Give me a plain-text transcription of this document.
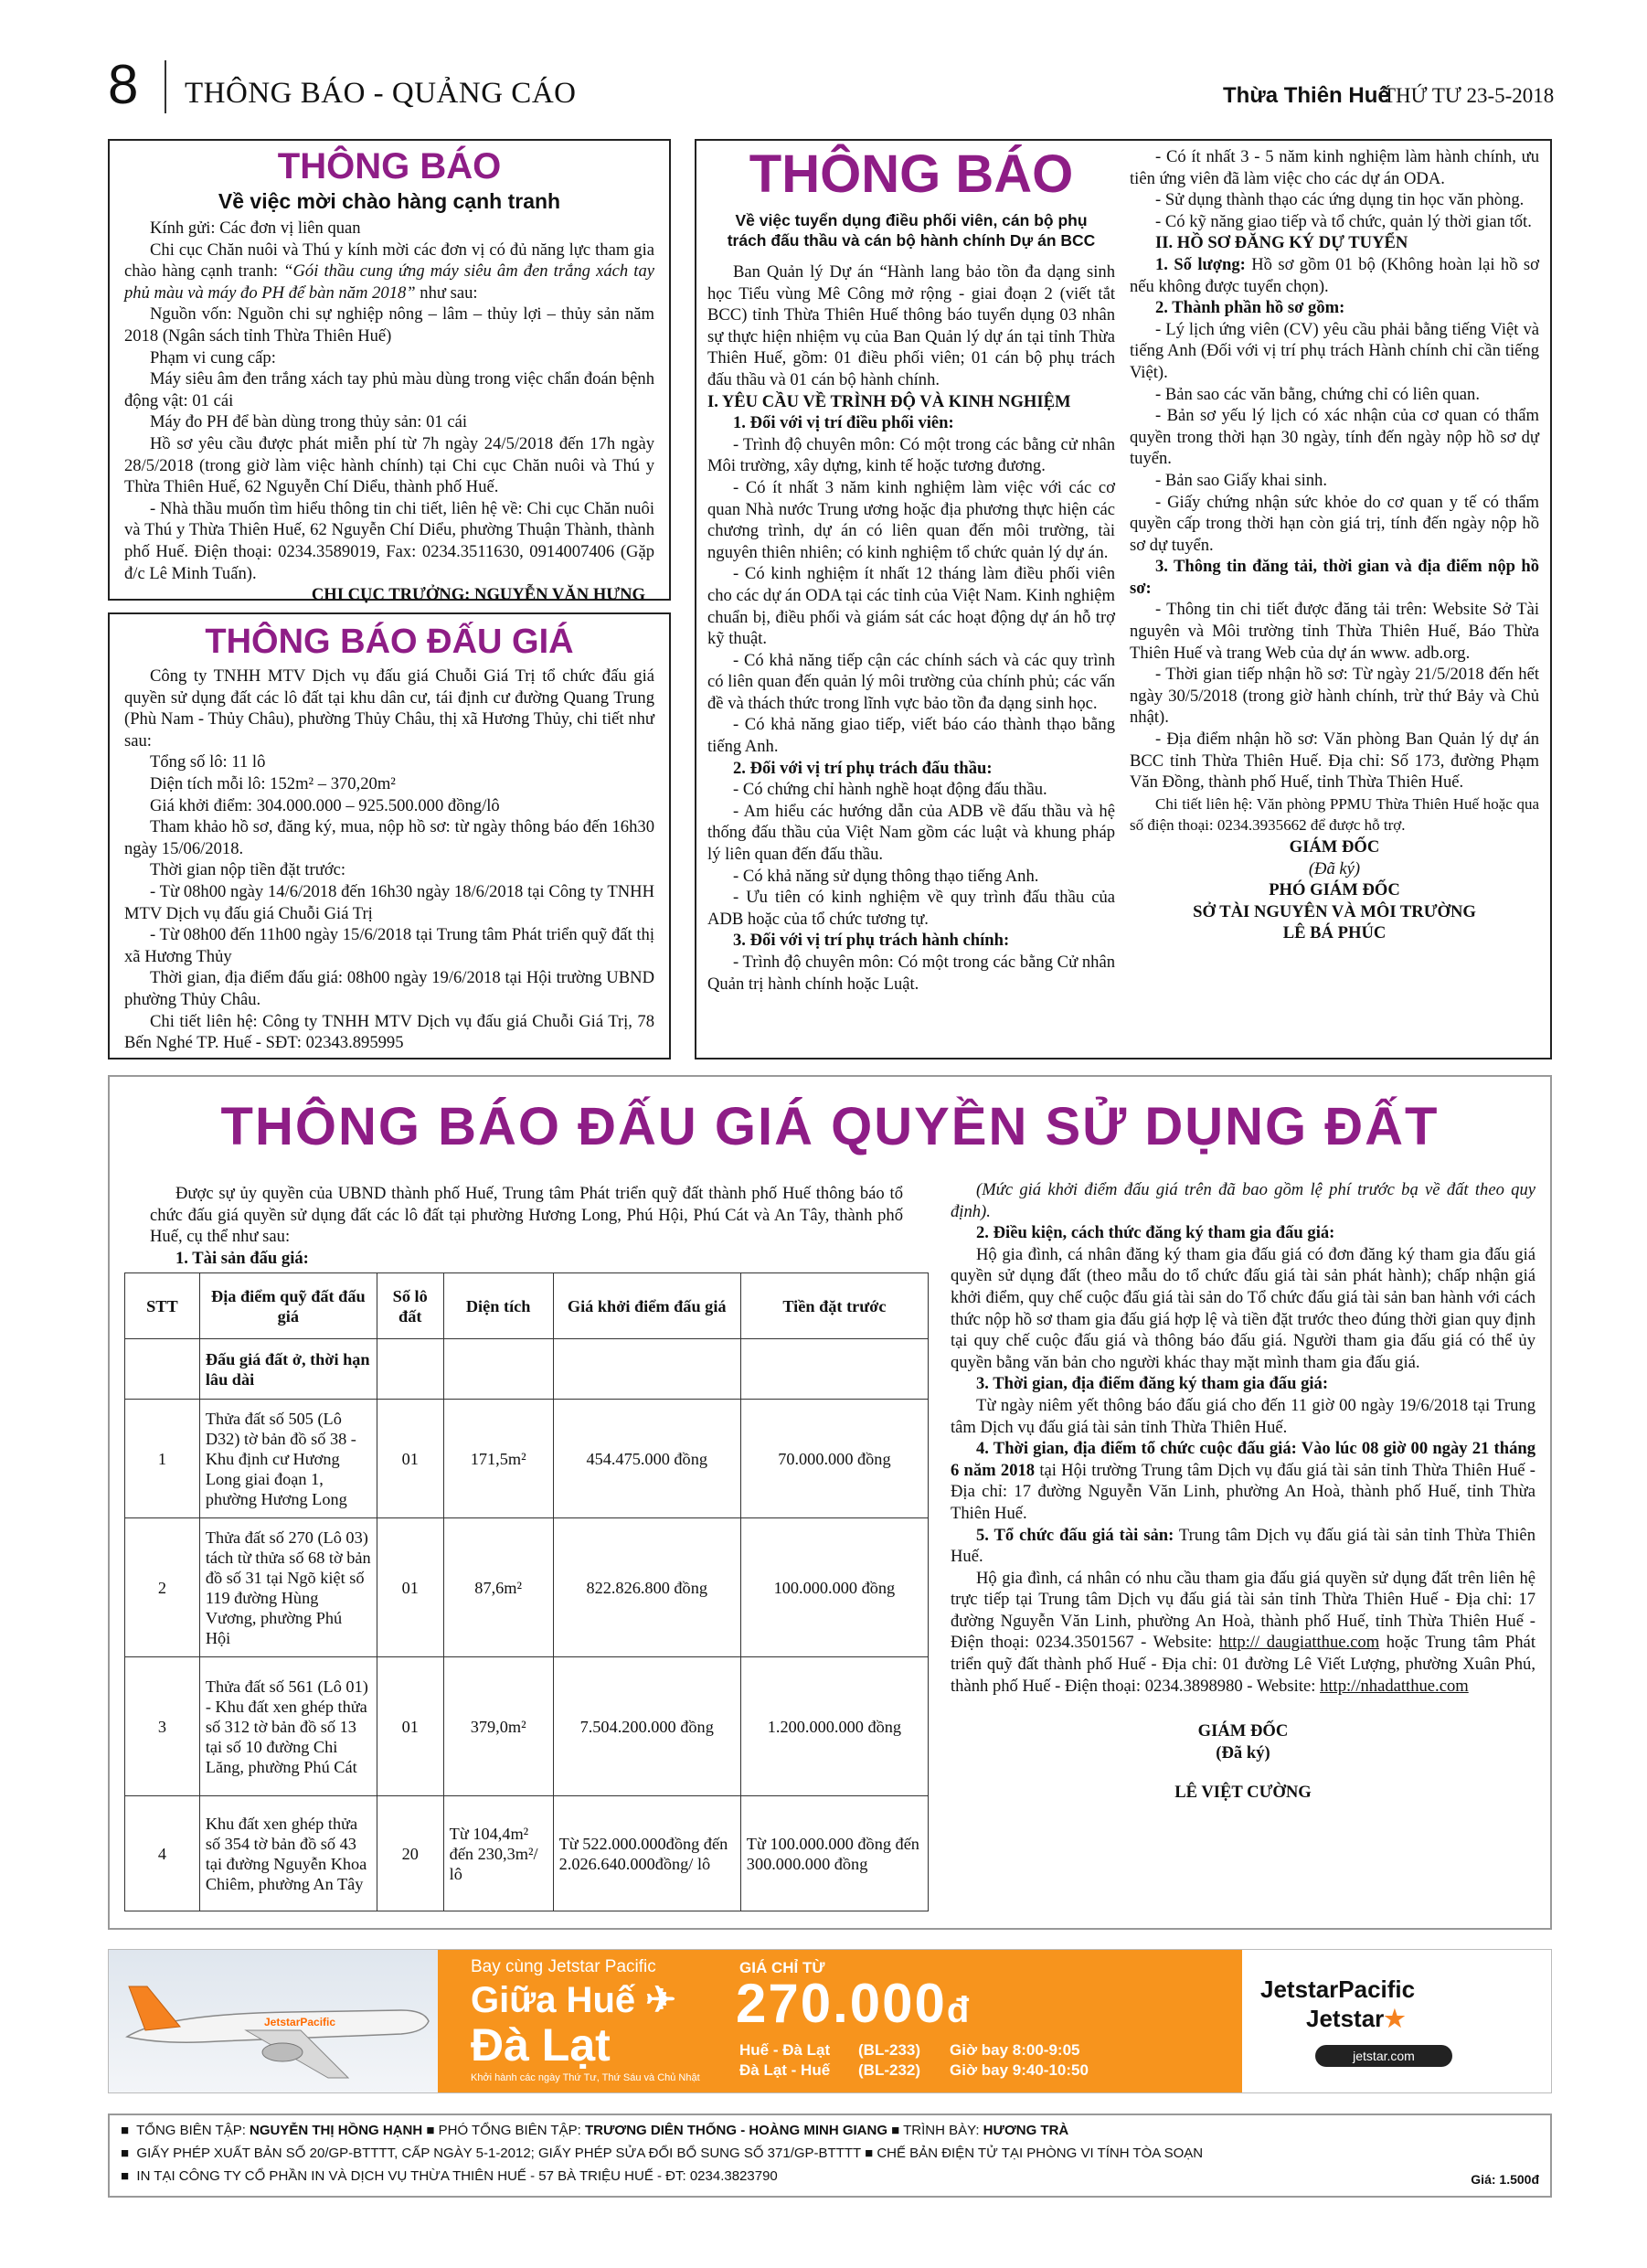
8 THÔNG BÁO - QUẢNG CÁO	Thừa Thiên Huế
THỨ TƯ 23-5-2018
THÔNG BÁO
Về việc mời chào hàng cạnh tranh

Kính gửi: Các đơn vị liên quan

Chi cục Chăn nuôi và Thú y kính mời các đơn vị có đủ năng lực tham gia chào hàng cạnh tranh: “Gói thầu cung ứng máy siêu âm đen trắng xách tay phủ màu và máy đo PH để bàn năm 2018” như sau:

Nguồn vốn: Nguồn chi sự nghiệp nông – lâm – thủy lợi – thủy sản năm 2018 (Ngân sách tỉnh Thừa Thiên Huế)

Phạm vi cung cấp:

Máy siêu âm đen trắng xách tay phủ màu dùng trong việc chẩn đoán bệnh động vật: 01 cái

Máy đo PH để bàn dùng trong thủy sản: 01 cái

Hồ sơ yêu cầu được phát miễn phí từ 7h ngày 24/5/2018 đến 17h ngày 28/5/2018 (trong giờ làm việc hành chính) tại Chi cục Chăn nuôi và Thú y Thừa Thiên Huế, 62 Nguyễn Chí Diểu, thành phố Huế.

- Nhà thầu muốn tìm hiểu thông tin chi tiết, liên hệ về: Chi cục Chăn nuôi và Thú y Thừa Thiên Huế, 62 Nguyễn Chí Diểu, phường Thuận Thành, thành phố Huế. Điện thoại: 0234.3589019, Fax: 0234.3511630, 0914007406 (Gặp đ/c Lê Minh Tuấn).

CHI CỤC TRƯỞNG: NGUYỄN VĂN HƯNG

THÔNG BÁO ĐẤU GIÁ

Công ty TNHH MTV Dịch vụ đấu giá Chuỗi Giá Trị tổ chức đấu giá quyền sử dụng đất các lô đất tại khu dân cư, tái định cư đường Quang Trung (Phù Nam - Thủy Châu), phường Thủy Châu, thị xã Hương Thủy, chi tiết như sau:

Tổng số lô: 11 lô

Diện tích mỗi lô: 152m² – 370,20m²

Giá khởi điểm: 304.000.000 – 925.500.000 đồng/lô

Tham khảo hồ sơ, đăng ký, mua, nộp hồ sơ: từ ngày thông báo đến 16h30 ngày 15/06/2018.

Thời gian nộp tiền đặt trước:

- Từ 08h00 ngày 14/6/2018 đến 16h30 ngày 18/6/2018 tại Công ty TNHH MTV Dịch vụ đấu giá Chuỗi Giá Trị

- Từ 08h00 đến 11h00 ngày 15/6/2018 tại Trung tâm Phát triển quỹ đất thị xã Hương Thủy

Thời gian, địa điểm đấu giá: 08h00 ngày 19/6/2018 tại Hội trường UBND phường Thủy Châu.

Chi tiết liên hệ: Công ty TNHH MTV Dịch vụ đấu giá Chuỗi Giá Trị, 78 Bến Nghé TP. Huế - SĐT: 02343.895995

THÔNG BÁO
Về việc tuyển dụng điều phối viên, cán bộ phụ trách đấu thầu và cán bộ hành chính Dự án BCC

Ban Quản lý Dự án “Hành lang bảo tồn đa dạng sinh học Tiểu vùng Mê Công mở rộng - giai đoạn 2 (viết tắt BCC) tỉnh Thừa Thiên Huế thông báo tuyển dụng 03 nhân sự thực hiện nhiệm vụ của Ban Quản lý dự án tại tỉnh Thừa Thiên Huế, gồm: 01 điều phối viên; 01 cán bộ phụ trách đấu thầu và 01 cán bộ hành chính.

I. YÊU CẦU VỀ TRÌNH ĐỘ VÀ KINH NGHIỆM

1. Đối với vị trí điều phối viên:

- Trình độ chuyên môn: Có một trong các bằng cử nhân Môi trường, xây dựng, kinh tế hoặc tương đương.

- Có ít nhất 3 năm kinh nghiệm làm việc với các cơ quan Nhà nước Trung ương hoặc địa phương thực hiện các chương trình, dự án có liên quan đến môi trường, tài nguyên thiên nhiên; có kinh nghiệm tổ chức quản lý dự án.

- Có kinh nghiệm ít nhất 12 tháng làm điều phối viên cho các dự án ODA tại các tỉnh của Việt Nam. Kinh nghiệm chuẩn bị, điều phối và giám sát các hoạt động dự án hỗ trợ kỹ thuật.

- Có khả năng tiếp cận các chính sách và các quy trình có liên quan đến quản lý môi trường của chính phủ; các vấn đề và thách thức trong lĩnh vực bảo tồn đa dạng sinh học.

- Có khả năng giao tiếp, viết báo cáo thành thạo bằng tiếng Anh.

2. Đối với vị trí phụ trách đấu thầu:

- Có chứng chỉ hành nghề hoạt động đấu thầu.

- Am hiểu các hướng dẫn của ADB về đấu thầu và hệ thống đấu thầu của Việt Nam gồm các luật và khung pháp lý liên quan đến đấu thầu.

- Có khả năng sử dụng thông thạo tiếng Anh.

- Ưu tiên có kinh nghiệm về quy trình đấu thầu của ADB hoặc của tổ chức tương tự.

3. Đối với vị trí phụ trách hành chính:

- Trình độ chuyên môn: Có một trong các bằng Cử nhân Quản trị hành chính hoặc Luật.

- Có ít nhất 3 - 5 năm kinh nghiệm làm hành chính, ưu tiên ứng viên đã làm việc cho các dự án ODA.

- Sử dụng thành thạo các ứng dụng tin học văn phòng.

- Có kỹ năng giao tiếp và tổ chức, quản lý thời gian tốt.

II. HỒ SƠ ĐĂNG KÝ DỰ TUYỂN

1. Số lượng: Hồ sơ gồm 01 bộ (Không hoàn lại hồ sơ nếu không được tuyển chọn).

2. Thành phần hồ sơ gồm:

- Lý lịch ứng viên (CV) yêu cầu phải bằng tiếng Việt và tiếng Anh (Đối với vị trí phụ trách Hành chính chỉ cần tiếng Việt).

- Bản sao các văn bằng, chứng chỉ có liên quan.

- Bản sơ yếu lý lịch có xác nhận của cơ quan có thẩm quyền trong thời hạn 30 ngày, tính đến ngày nộp hồ sơ dự tuyển.

- Bản sao Giấy khai sinh.

- Giấy chứng nhận sức khỏe do cơ quan y tế có thẩm quyền cấp trong thời hạn còn giá trị, tính đến ngày nộp hồ sơ dự tuyển.

3. Thông tin đăng tải, thời gian và địa điểm nộp hồ sơ:

- Thông tin chi tiết được đăng tải trên: Website Sở Tài nguyên và Môi trường tỉnh Thừa Thiên Huế, Báo Thừa Thiên Huế và trang Web của dự án www. adb.org.

- Thời gian tiếp nhận hồ sơ: Từ ngày 21/5/2018 đến hết ngày 30/5/2018 (trong giờ hành chính, trừ thứ Bảy và Chủ nhật).

- Địa điểm nhận hồ sơ: Văn phòng Ban Quản lý dự án BCC tỉnh Thừa Thiên Huế. Địa chỉ: Số 173, đường Phạm Văn Đồng, thành phố Huế, tỉnh Thừa Thiên Huế.

Chi tiết liên hệ: Văn phòng PPMU Thừa Thiên Huế hoặc qua số điện thoại: 0234.3935662 để được hỗ trợ.

GIÁM ĐỐC
(Đã ký)
PHÓ GIÁM ĐỐC
SỞ TÀI NGUYÊN VÀ MÔI TRƯỜNG
LÊ BÁ PHÚC
THÔNG BÁO ĐẤU GIÁ QUYỀN SỬ DỤNG ĐẤT

Được sự ủy quyền của UBND thành phố Huế, Trung tâm Phát triển quỹ đất thành phố Huế thông báo tổ chức đấu giá quyền sử dụng đất các lô đất tại phường Hương Long, Phú Hội, Phú Cát và An Tây, thành phố Huế, cụ thể như sau:

1. Tài sản đấu giá:

STT	Địa điểm quỹ đất đấu giá	Số lô đất	Diện tích	Giá khởi điểm đấu giá	Tiền đặt trước
	Đấu giá đất ở, thời hạn lâu dài				
1	Thửa đất số 505 (Lô D32) tờ bản đồ số 38 - Khu định cư Hương Long giai đoạn 1, phường Hương Long	01	171,5m²	454.475.000 đồng	70.000.000 đồng
2	Thửa đất số 270 (Lô 03) tách từ thửa số 68 tờ bản đồ số 31 tại Ngõ kiệt số 119 đường Hùng Vương, phường Phú Hội	01	87,6m²	822.826.800 đồng	100.000.000 đồng
3	Thửa đất số 561 (Lô 01) - Khu đất xen ghép thửa số 312 tờ bản đồ số 13 tại số 10 đường Chi Lăng, phường Phú Cát	01	379,0m²	7.504.200.000 đồng	1.200.000.000 đồng
4	Khu đất xen ghép thửa số 354 tờ bản đồ số 43 tại đường Nguyễn Khoa Chiêm, phường An Tây	20	Từ 104,4m² đến 230,3m²/ lô	Từ 522.000.000đồng đến 2.026.640.000đồng/ lô	Từ 100.000.000 đồng đến 300.000.000 đồng

(Mức giá khởi điểm đấu giá trên đã bao gồm lệ phí trước bạ về đất theo quy định).

2. Điều kiện, cách thức đăng ký tham gia đấu giá:

Hộ gia đình, cá nhân đăng ký tham gia đấu giá có đơn đăng ký tham gia đấu giá quyền sử dụng đất (theo mẫu do tổ chức đấu giá tài sản phát hành); chấp nhận giá khởi điểm, quy chế cuộc đấu giá tài sản do Tổ chức đấu giá tài sản ban hành với cách thức nộp hồ sơ tham gia đấu giá hợp lệ và tiền đặt trước theo đúng thời gian quy định tại quy chế cuộc đấu giá và thông báo đấu giá. Người tham gia đấu giá có thể ủy quyền bằng văn bản cho người khác thay mặt mình tham gia đấu giá.

3. Thời gian, địa điểm đăng ký tham gia đấu giá:

Từ ngày niêm yết thông báo đấu giá cho đến 11 giờ 00 ngày 19/6/2018 tại Trung tâm Dịch vụ đấu giá tài sản tỉnh Thừa Thiên Huế.

4. Thời gian, địa điểm tổ chức cuộc đấu giá: Vào lúc 08 giờ 00 ngày 21 tháng 6 năm 2018 tại Hội trường Trung tâm Dịch vụ đấu giá tài sản tỉnh Thừa Thiên Huế - Địa chỉ: 17 đường Nguyễn Văn Linh, phường An Hoà, thành phố Huế, tỉnh Thừa Thiên Huế.

5. Tổ chức đấu giá tài sản: Trung tâm Dịch vụ đấu giá tài sản tỉnh Thừa Thiên Huế.

Hộ gia đình, cá nhân có nhu cầu tham gia đấu giá quyền sử dụng đất trên liên hệ trực tiếp tại Trung tâm Dịch vụ đấu giá tài sản tỉnh Thừa Thiên Huế - Địa chỉ: 17 đường Nguyễn Văn Linh, phường An Hoà, thành phố Huế, tỉnh Thừa Thiên Huế - Điện thoại: 0234.3501567 - Website: http:// daugiatthue.com hoặc Trung tâm Phát triển quỹ đất thành phố Huế - Địa chỉ: 01 đường Lê Viết Lượng, phường Xuân Phú, thành phố Huế - Điện thoại: 0234.3898980 - Website: http://nhadatthue.com

GIÁM ĐỐC
(Đã ký)
LÊ VIỆT CƯỜNG
JetstarPacific
Bay cùng Jetstar Pacific
Giữa Huế ✈
Đà Lạt
Khởi hành các ngày Thứ Tư, Thứ Sáu và Chủ Nhật
GIÁ CHỈ TỪ
270.000đ
Huế - Đà Lạt (BL-233) Giờ bay 8:00-9:05
Đà Lạt - Huế (BL-232) Giờ bay 9:40-10:50
JetstarPacific
Jetstar★
jetstar.com
■  TỔNG BIÊN TẬP: NGUYỄN THỊ HỒNG HẠNH ■ PHÓ TỔNG BIÊN TẬP: TRƯƠNG DIÊN THỐNG - HOÀNG MINH GIANG ■ TRÌNH BÀY: HƯƠNG TRÀ
■  GIẤY PHÉP XUẤT BẢN SỐ 20/GP-BTTTT, CẤP NGÀY 5-1-2012; GIẤY PHÉP SỬA ĐỔI BỔ SUNG SỐ 371/GP-BTTTT ■ CHẾ BẢN ĐIỆN TỬ TẠI PHÒNG VI TÍNH TÒA SOẠN
■  IN TẠI CÔNG TY CỔ PHẦN IN VÀ DỊCH VỤ THỪA THIÊN HUẾ - 57 BÀ TRIỆU HUẾ - ĐT: 0234.3823790	Giá: 1.500đ
